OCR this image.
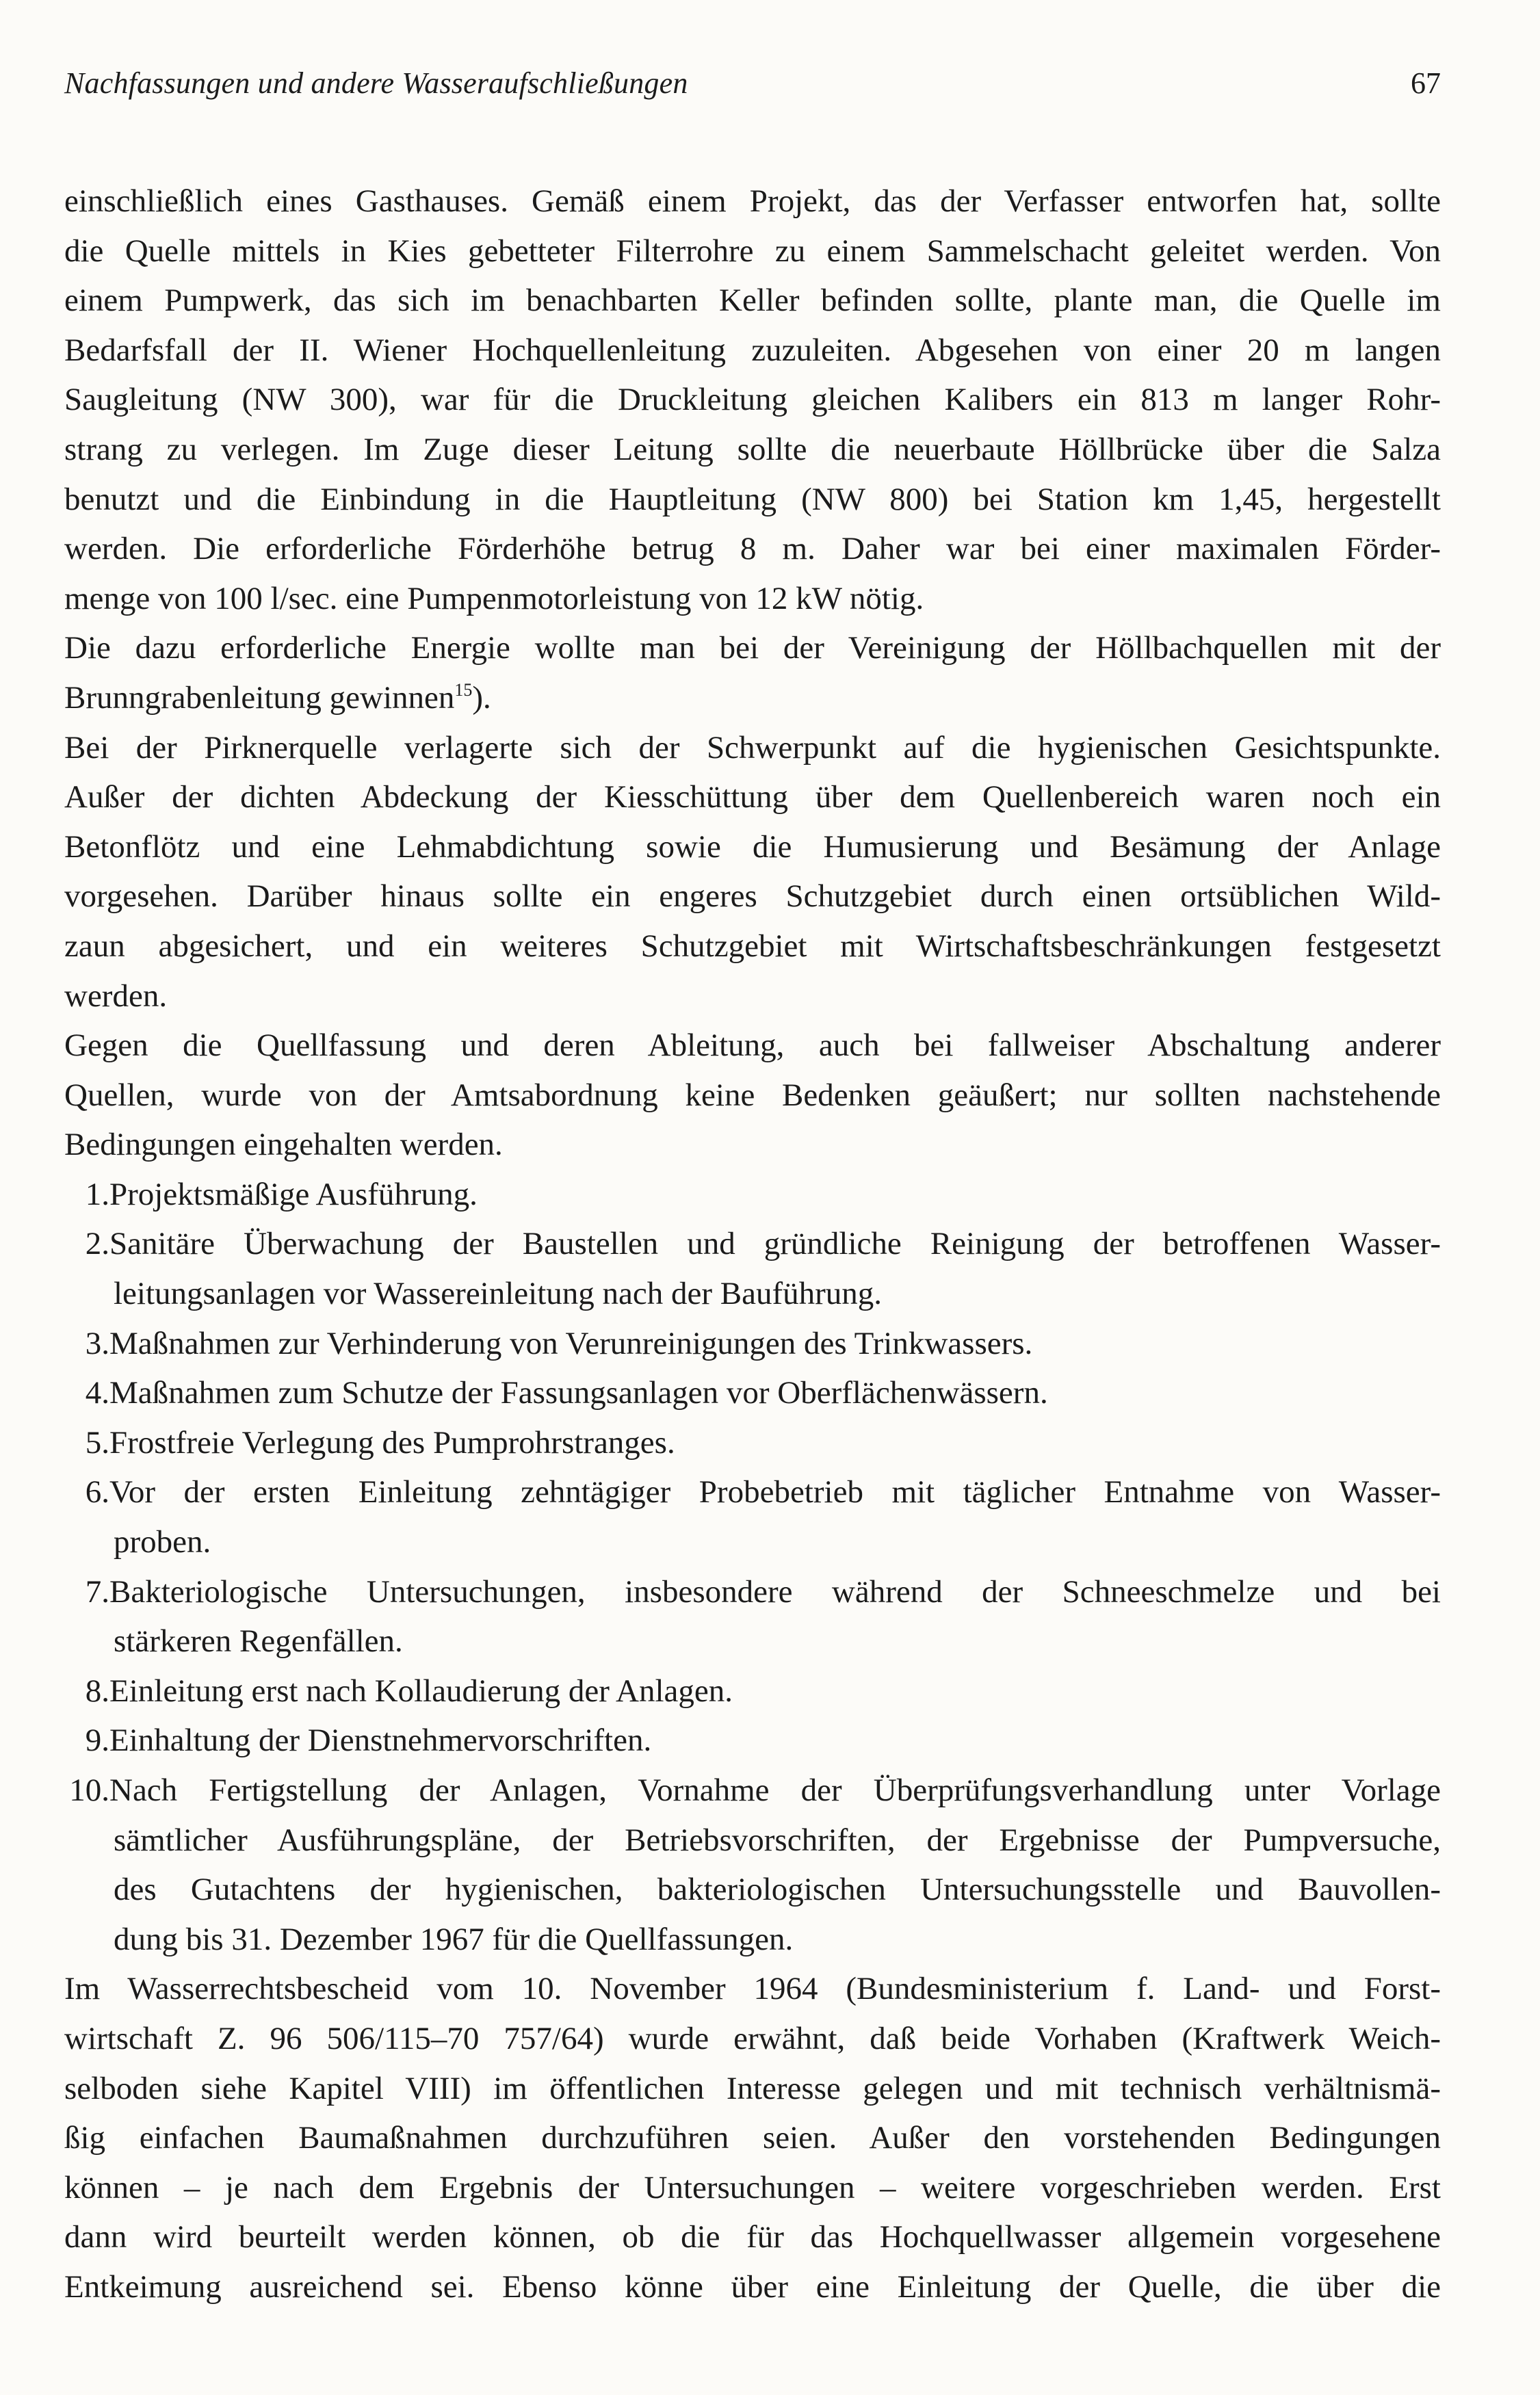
Nachfassungen und andere Wasseraufschließungen	67
einschließlich eines Gasthauses. Gemäß einem Projekt, das der Verfasser entworfen hat, sollte
die Quelle mittels in Kies gebetteter Filterrohre zu einem Sammelschacht geleitet werden. Von
einem Pumpwerk, das sich im benachbarten Keller befinden sollte, plante man, die Quelle im
Bedarfsfall der II. Wiener Hochquellenleitung zuzuleiten. Abgesehen von einer 20 m langen
Saugleitung (NW 300), war für die Druckleitung gleichen Kalibers ein 813 m langer Rohr-
strang zu verlegen. Im Zuge dieser Leitung sollte die neuerbaute Höllbrücke über die Salza
benutzt und die Einbindung in die Hauptleitung (NW 800) bei Station km 1,45, hergestellt
werden. Die erforderliche Förderhöhe betrug 8 m. Daher war bei einer maximalen Förder-
menge von 100 l/sec. eine Pumpenmotorleistung von 12 kW nötig.
Die dazu erforderliche Energie wollte man bei der Vereinigung der Höllbachquellen mit der
Brunngrabenleitung gewinnen$^{15}$).
Bei der Pirknerquelle verlagerte sich der Schwerpunkt auf die hygienischen Gesichtspunkte.
Außer der dichten Abdeckung der Kiesschüttung über dem Quellenbereich waren noch ein
Betonflötz und eine Lehmabdichtung sowie die Humusierung und Besämung der Anlage
vorgesehen. Darüber hinaus sollte ein engeres Schutzgebiet durch einen ortsüblichen Wild-
zaun abgesichert, und ein weiteres Schutzgebiet mit Wirtschaftsbeschränkungen festgesetzt
werden.
Gegen die Quellfassung und deren Ableitung, auch bei fallweiser Abschaltung anderer
Quellen, wurde von der Amtsabordnung keine Bedenken geäußert; nur sollten nachstehende
Bedingungen eingehalten werden.
1.Projektsmäßige Ausführung.
2. Sanitäre Überwachung der Baustellen und gründliche Reinigung der betroffenen Wasser-
leitungsanlagen vor Wassereinleitung nach der Bauführung.
3.Maßnahmen zur Verhinderung von Verunreinigungen des Trinkwassers.
4.Maßnahmen zum Schutze der Fassungsanlagen vor Oberflächenwässern.
5.Frostfreie Verlegung des Pumprohrstranges.
6. Vor der ersten Einleitung zehntägiger Probebetrieb mit täglicher Entnahme von Wasser-
proben.
7. Bakteriologische Untersuchungen, insbesondere während der Schneeschmelze und bei
stärkeren Regenfällen.
8.Einleitung erst nach Kollaudierung der Anlagen.
9.Einhaltung der Dienstnehmervorschriften.
10. Nach Fertigstellung der Anlagen, Vornahme der Überprüfungsverhandlung unter Vorlage
sämtlicher Ausführungspläne, der Betriebsvorschriften, der Ergebnisse der Pumpversuche,
des Gutachtens der hygienischen, bakteriologischen Untersuchungsstelle und Bauvollen-
dung bis 31. Dezember 1967 für die Quellfassungen.
Im Wasserrechtsbescheid vom 10. November 1964 (Bundesministerium f. Land- und Forst-
wirtschaft Z. 96 506/115–70 757/64) wurde erwähnt, daß beide Vorhaben (Kraftwerk Weich-
selboden siehe Kapitel VIII) im öffentlichen Interesse gelegen und mit technisch verhältnismä-
ßig einfachen Baumaßnahmen durchzuführen seien. Außer den vorstehenden Bedingungen
können – je nach dem Ergebnis der Untersuchungen – weitere vorgeschrieben werden. Erst
dann wird beurteilt werden können, ob die für das Hochquellwasser allgemein vorgesehene
Entkeimung ausreichend sei. Ebenso könne über eine Einleitung der Quelle, die über die
